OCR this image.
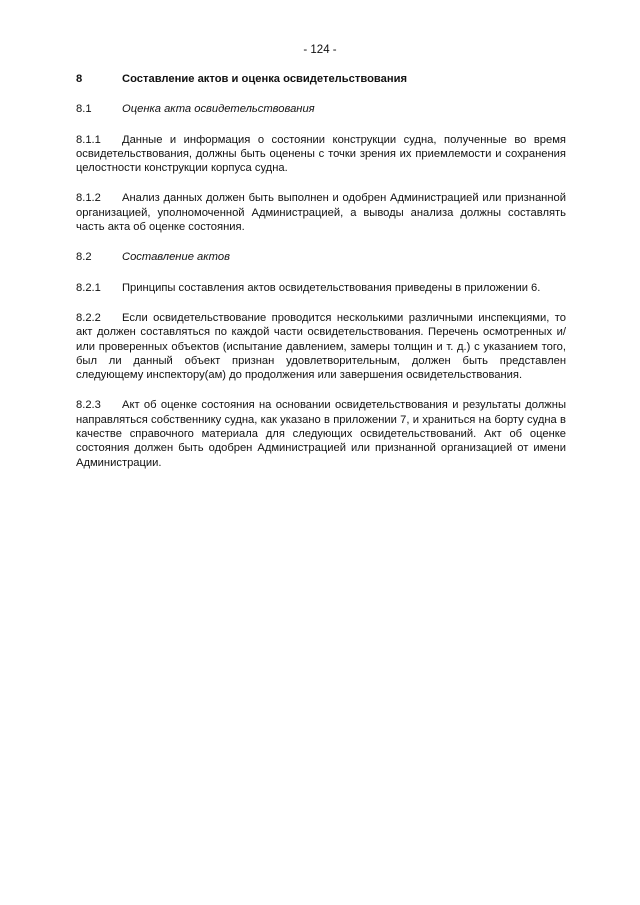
- 124 -
8	Составление актов и оценка освидетельствования
8.1	Оценка акта освидетельствования
8.1.1 Данные и информация о состоянии конструкции судна, полученные во время освидетельствования, должны быть оценены с точки зрения их приемлемости и сохранения целостности конструкции корпуса судна.
8.1.2 Анализ данных должен быть выполнен и одобрен Администрацией или признанной организацией, уполномоченной Администрацией, а выводы анализа должны составлять часть акта об оценке состояния.
8.2	Составление актов
8.2.1 Принципы составления актов освидетельствования приведены в приложении 6.
8.2.2 Если освидетельствование проводится несколькими различными инспекциями, то акт должен составляться по каждой части освидетельствования. Перечень осмотренных и/или проверенных объектов (испытание давлением, замеры толщин и т. д.) с указанием того, был ли данный объект признан удовлетворительным, должен быть представлен следующему инспектору(ам) до продолжения или завершения освидетельствования.
8.2.3 Акт об оценке состояния на основании освидетельствования и результаты должны направляться собственнику судна, как указано в приложении 7, и храниться на борту судна в качестве справочного материала для следующих освидетельствований. Акт об оценке состояния должен быть одобрен Администрацией или признанной организацией от имени Администрации.
